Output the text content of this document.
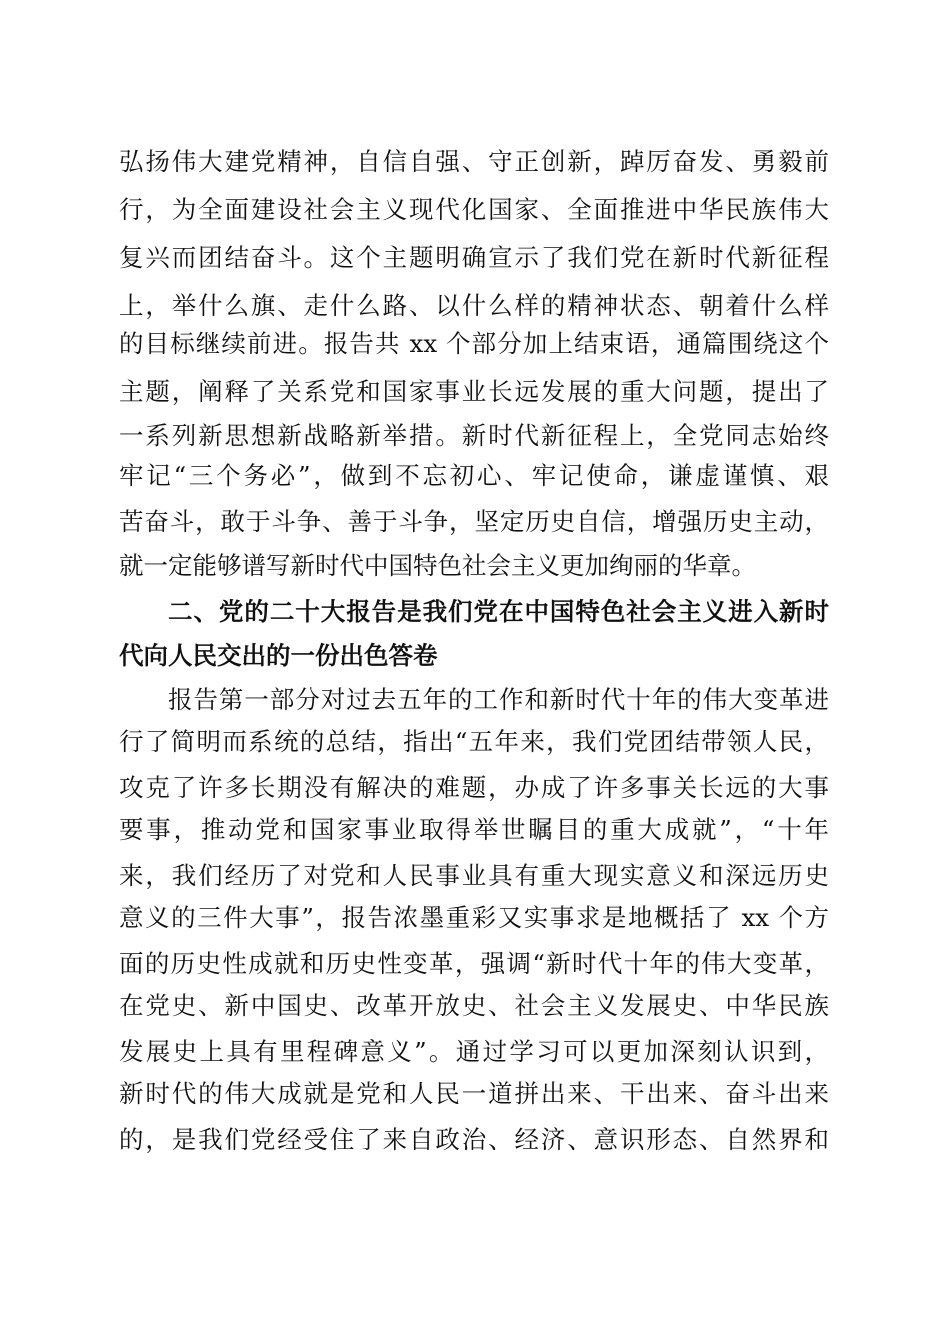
弘扬伟大建党精神，自信自强、守正创新，踔厉奋发、勇毅前
行，为全面建设社会主义现代化国家、全面推进中华民族伟大
复兴而团结奋斗。这个主题明确宣示了我们党在新时代新征程
上，举什么旗、走什么路、以什么样的精神状态、朝着什么样
的目标继续前进。报告共 xx 个部分加上结束语，通篇围绕这个
主题，阐释了关系党和国家事业长远发展的重大问题，提出了
一系列新思想新战略新举措。新时代新征程上，全党同志始终
牢记“三个务必”，做到不忘初心、牢记使命，谦虚谨慎、艰
苦奋斗，敢于斗争、善于斗争，坚定历史自信，增强历史主动，
就一定能够谱写新时代中国特色社会主义更加绚丽的华章。
二、党的二十大报告是我们党在中国特色社会主义进入新时
代向人民交出的一份出色答卷
报告第一部分对过去五年的工作和新时代十年的伟大变革进
行了简明而系统的总结，指出“五年来，我们党团结带领人民，
攻克了许多长期没有解决的难题，办成了许多事关长远的大事
要事，推动党和国家事业取得举世瞩目的重大成就”，“十年
来，我们经历了对党和人民事业具有重大现实意义和深远历史
意义的三件大事”，报告浓墨重彩又实事求是地概括了 xx 个方
面的历史性成就和历史性变革，强调“新时代十年的伟大变革，
在党史、新中国史、改革开放史、社会主义发展史、中华民族
发展史上具有里程碑意义”。通过学习可以更加深刻认识到，
新时代的伟大成就是党和人民一道拼出来、干出来、奋斗出来
的，是我们党经受住了来自政治、经济、意识形态、自然界和
